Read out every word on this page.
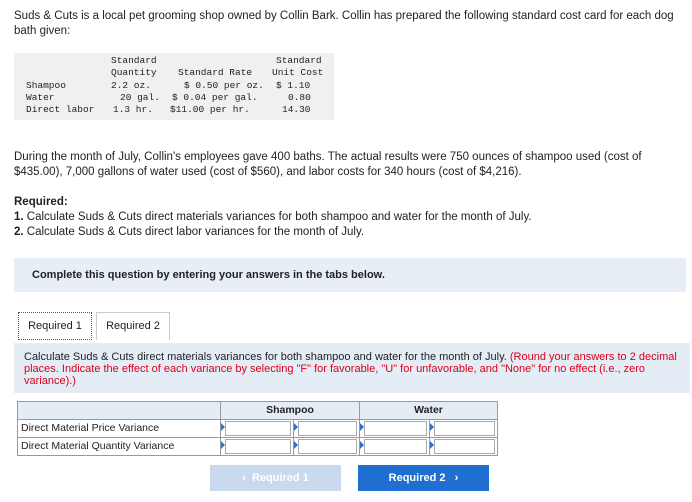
Suds & Cuts is a local pet grooming shop owned by Collin Bark. Collin has prepared the following standard cost card for each dog bath given:
Standard
Quantity Standard Rate
Standard
Unit Cost
Shampoo	2.2 oz.	$ 0.50 per oz. $ 1.10
Water	20 gal. $ 0.04 per gal.	0.80
Direct labor 1.3 hr. $11.00 per hr.	14.30
During the month of July, Collin's employees gave 400 baths. The actual results were 750 ounces of shampoo used (cost of $435.00), 7,000 gallons of water used (cost of $560), and labor costs for 340 hours (cost of $4,216).
Required:
1. Calculate Suds & Cuts direct materials variances for both shampoo and water for the month of July.
2. Calculate Suds & Cuts direct labor variances for the month of July.
Complete this question by entering your answers in the tabs below.
Required 1	Required 2
Calculate Suds & Cuts direct materials variances for both shampoo and water for the month of July. (Round your answers to 2 decimal places. Indicate the effect of each variance by selecting "F" for favorable, "U" for unfavorable, and "None" for no effect (i.e., zero variance).)
Shampoo	Water
Direct Material Price Variance
Direct Material Quantity Variance
‹ Required 1	Required 2 ›
